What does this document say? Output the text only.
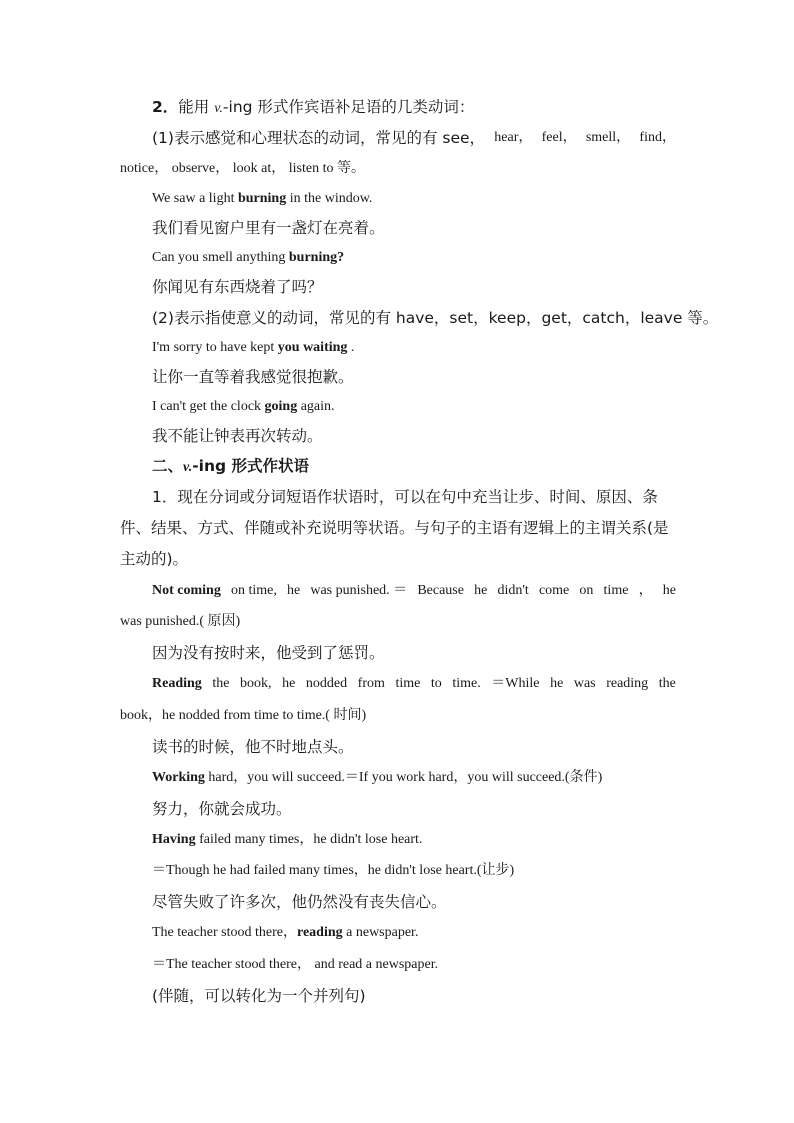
2．能用 v.-ing 形式作宾语补足语的几类动词：
(1)表示感觉和心理状态的动词，常见的有 see， hear， feel， smell， find，
notice， observe， look at， listen to 等。
We saw a light burning in the window.
我们看见窗户里有一盏灯在亮着。
Can you smell anything burning?
你闻见有东西烧着了吗？
(2)表示指使意义的动词，常见的有 have，set，keep，get，catch，leave 等。
I'm sorry to have kept you waiting .
让你一直等着我感觉很抱歉。
I can't get the clock going again.
我不能让钟表再次转动。
二、v.-ing 形式作状语
1．现在分词或分词短语作状语时，可以在句中充当让步、时间、原因、条
件、结果、方式、伴随或补充说明等状语。与句子的主语有逻辑上的主谓关系(是
主动的)。
Not coming on time, he was punished. ＝ Because he didn't come on time ， he
was punished.( 原因)
因为没有按时来，他受到了惩罚。
Reading the book, he nodded from time to time. ＝While he was reading the
book，he nodded from time to time.( 时间)
读书的时候，他不时地点头。
Working hard，you will succeed.＝If you work hard，you will succeed.(条件)
努力，你就会成功。
Having failed many times，he didn't lose heart.
＝Though he had failed many times，he didn't lose heart.(让步)
尽管失败了许多次，他仍然没有丧失信心。
The teacher stood there，reading a newspaper.
＝The teacher stood there， and read a newspaper.
(伴随，可以转化为一个并列句)
